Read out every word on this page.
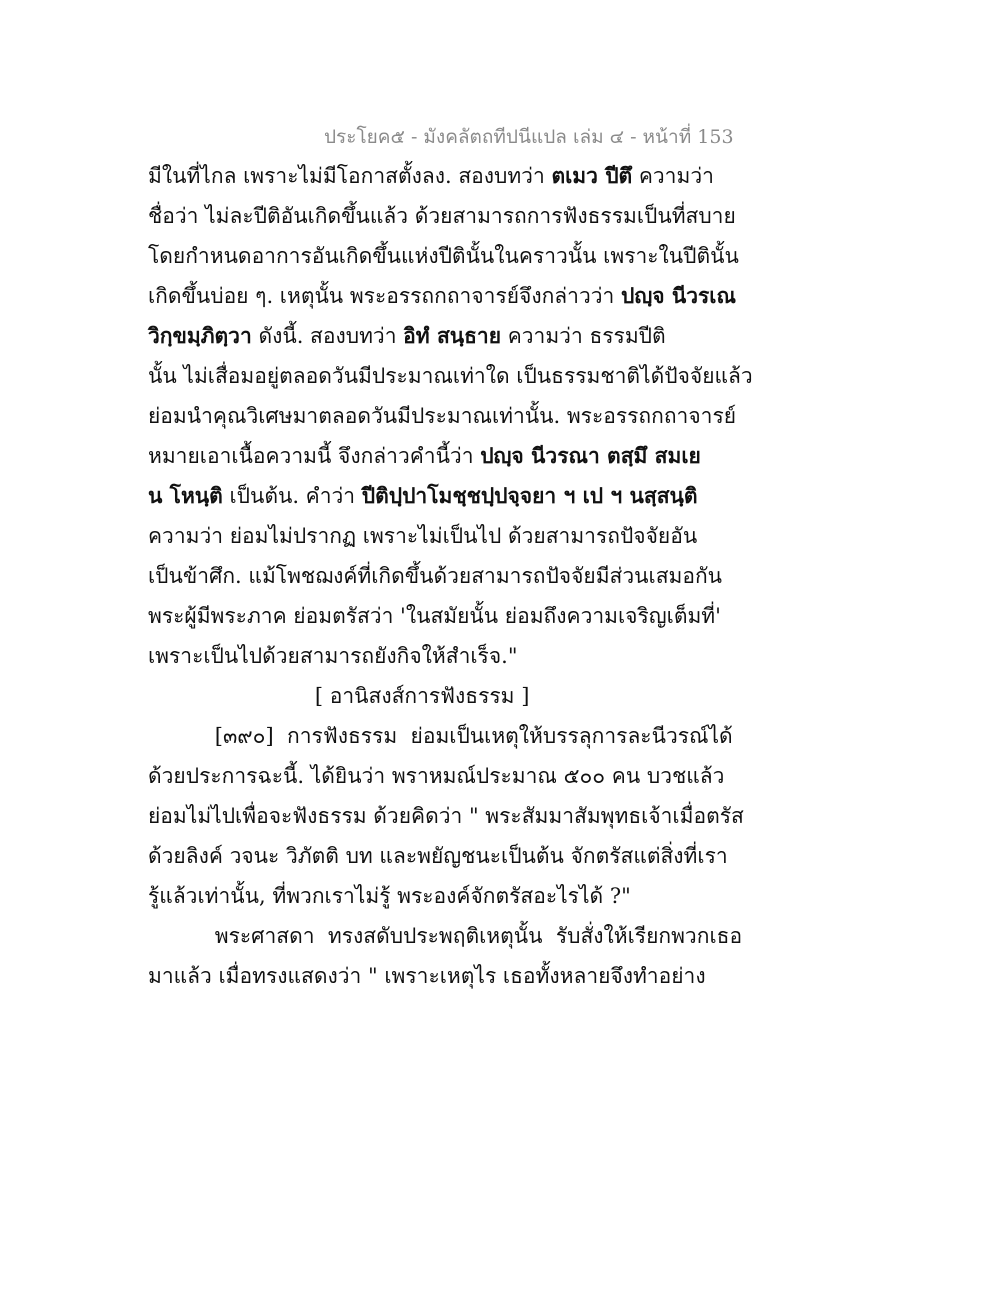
ประโยค๕ - มังคลัตถทีปนีแปล เล่ม ๔ - หน้าที่ 153
มีในที่ไกล เพราะไม่มีโอกาสตั้งลง. สองบทว่า ตเมว ปีตึ ความว่า
ชื่อว่า ไม่ละปีติอันเกิดขึ้นแล้ว ด้วยสามารถการฟังธรรมเป็นที่สบาย
โดยกำหนดอาการอันเกิดขึ้นแห่งปีตินั้นในคราวนั้น เพราะในปีตินั้น
เกิดขึ้นบ่อย ๆ. เหตุนั้น พระอรรถกถาจารย์จึงกล่าวว่า ปญฺจ นีวรเณ
วิกฺขมฺภิตฺวา ดังนี้. สองบทว่า อิทํ สนฺธาย ความว่า ธรรมปีติ
นั้น ไม่เสื่อมอยู่ตลอดวันมีประมาณเท่าใด เป็นธรรมชาติได้ปัจจัยแล้ว
ย่อมนำคุณวิเศษมาตลอดวันมีประมาณเท่านั้น. พระอรรถกถาจารย์
หมายเอาเนื้อความนี้ จึงกล่าวคำนี้ว่า ปญฺจ นีวรณา ตสฺมึ สมเย
น โหนฺติ เป็นต้น. คำว่า ปีติปฺปาโมชฺชปฺปจฺจยา ฯ เป ฯ นสฺสนฺติ
ความว่า ย่อมไม่ปรากฏ เพราะไม่เป็นไป ด้วยสามารถปัจจัยอัน
เป็นข้าศึก. แม้โพชฌงค์ที่เกิดขึ้นด้วยสามารถปัจจัยมีส่วนเสมอกัน
พระผู้มีพระภาค ย่อมตรัสว่า 'ในสมัยนั้น ย่อมถึงความเจริญเต็มที่'
เพราะเป็นไปด้วยสามารถยังกิจให้สำเร็จ."
[ อานิสงส์การฟังธรรม ]
[๓๙๐]  การฟังธรรม  ย่อมเป็นเหตุให้บรรลุการละนีวรณ์ได้
ด้วยประการฉะนี้. ได้ยินว่า พราหมณ์ประมาณ ๕๐๐ คน บวชแล้ว
ย่อมไม่ไปเพื่อจะฟังธรรม ด้วยคิดว่า " พระสัมมาสัมพุทธเจ้าเมื่อตรัส
ด้วยลิงค์ วจนะ วิภัตติ บท และพยัญชนะเป็นต้น จักตรัสแต่สิ่งที่เรา
รู้แล้วเท่านั้น, ที่พวกเราไม่รู้ พระองค์จักตรัสอะไรได้ ?"
พระศาสดา  ทรงสดับประพฤติเหตุนั้น  รับสั่งให้เรียกพวกเธอ
มาแล้ว เมื่อทรงแสดงว่า " เพราะเหตุไร เธอทั้งหลายจึงทำอย่าง
